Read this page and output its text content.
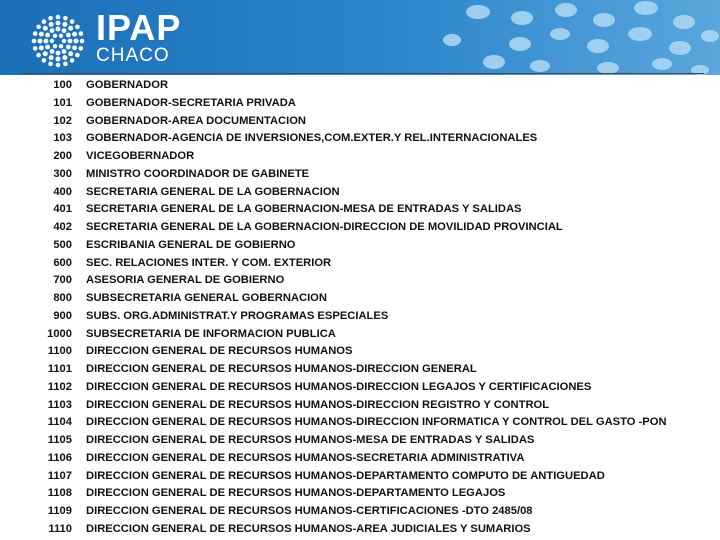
IPAP
CHACO
100 GOBERNADOR
101 GOBERNADOR-SECRETARIA PRIVADA
102 GOBERNADOR-AREA DOCUMENTACION
103 GOBERNADOR-AGENCIA DE INVERSIONES,COM.EXTER.Y REL.INTERNACIONALES
200 VICEGOBERNADOR
300 MINISTRO COORDINADOR DE GABINETE
400 SECRETARIA GENERAL DE LA GOBERNACION
401 SECRETARIA GENERAL DE LA GOBERNACION-MESA DE ENTRADAS Y SALIDAS
402 SECRETARIA GENERAL DE LA GOBERNACION-DIRECCION DE MOVILIDAD PROVINCIAL
500 ESCRIBANIA GENERAL DE GOBIERNO
600 SEC. RELACIONES INTER. Y COM. EXTERIOR
700 ASESORIA GENERAL DE GOBIERNO
800 SUBSECRETARIA GENERAL GOBERNACION
900 SUBS. ORG.ADMINISTRAT.Y PROGRAMAS ESPECIALES
1000 SUBSECRETARIA DE INFORMACION PUBLICA
1100 DIRECCION GENERAL DE RECURSOS HUMANOS
1101 DIRECCION GENERAL DE RECURSOS HUMANOS-DIRECCION GENERAL
1102 DIRECCION GENERAL DE RECURSOS HUMANOS-DIRECCION LEGAJOS Y CERTIFICACIONES
1103 DIRECCION GENERAL DE RECURSOS HUMANOS-DIRECCION REGISTRO Y CONTROL
1104 DIRECCION GENERAL DE RECURSOS HUMANOS-DIRECCION INFORMATICA Y CONTROL DEL GASTO -PON
1105 DIRECCION GENERAL DE RECURSOS HUMANOS-MESA DE ENTRADAS Y SALIDAS
1106 DIRECCION GENERAL DE RECURSOS HUMANOS-SECRETARIA ADMINISTRATIVA
1107 DIRECCION GENERAL DE RECURSOS HUMANOS-DEPARTAMENTO COMPUTO DE ANTIGUEDAD
1108 DIRECCION GENERAL DE RECURSOS HUMANOS-DEPARTAMENTO LEGAJOS
1109 DIRECCION GENERAL DE RECURSOS HUMANOS-CERTIFICACIONES -DTO 2485/08
1110 DIRECCION GENERAL DE RECURSOS HUMANOS-AREA JUDICIALES Y SUMARIOS
